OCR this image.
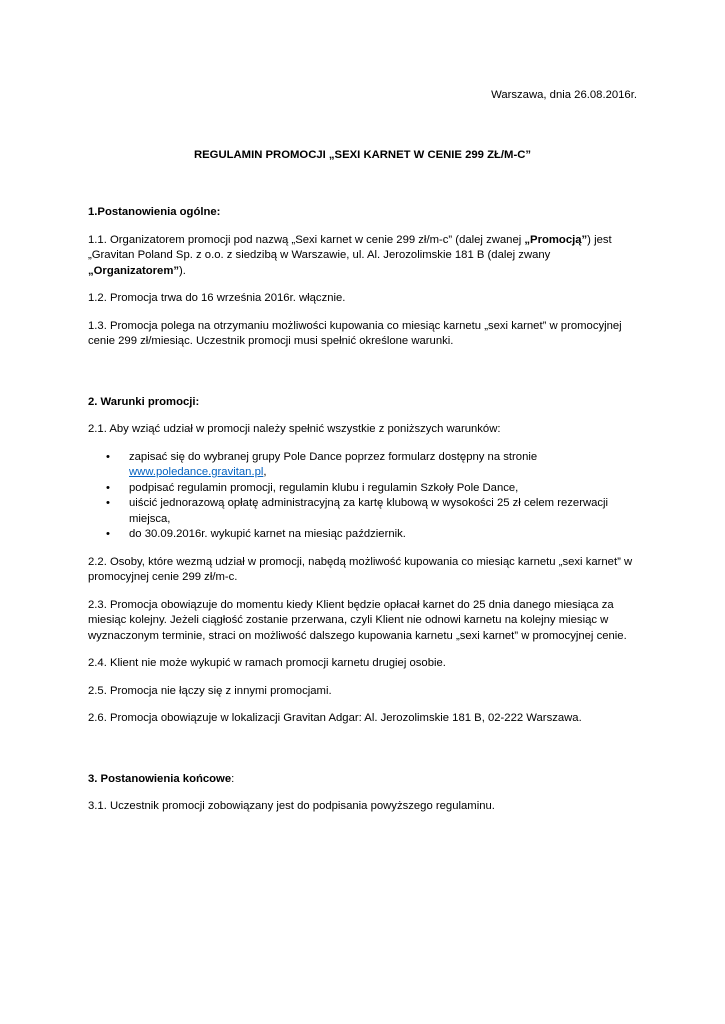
Warszawa, dnia 26.08.2016r.
REGULAMIN PROMOCJI „SEXI KARNET W CENIE 299 ZŁ/M-C”

1.Postanowienia ogólne:

1.1. Organizatorem promocji pod nazwą „Sexi karnet w cenie 299 zł/m-c” (dalej zwanej „Promocją”) jest
„Gravitan Poland Sp. z o.o. z siedzibą w Warszawie, ul. Al. Jerozolimskie 181 B (dalej zwany „Organizatorem”).

1.2. Promocja trwa do 16 września 2016r. włącznie.

1.3. Promocja polega na otrzymaniu możliwości kupowania co miesiąc karnetu „sexi karnet” w promocyjnej
cenie 299 zł/miesiąc. Uczestnik promocji musi spełnić określone warunki.

2. Warunki promocji:

2.1. Aby wziąć udział w promocji należy spełnić wszystkie z poniższych warunków:

• zapisać się do wybranej grupy Pole Dance poprzez formularz dostępny na stronie
www.poledance.gravitan.pl,
• podpisać regulamin promocji, regulamin klubu i regulamin Szkoły Pole Dance,
• uiścić jednorazową opłatę administracyjną za kartę klubową w wysokości 25 zł celem rezerwacji
miejsca,
• do 30.09.2016r. wykupić karnet na miesiąc październik.

2.2. Osoby, które wezmą udział w promocji, nabędą możliwość kupowania co miesiąc karnetu „sexi karnet” w
promocyjnej cenie 299 zł/m-c.

2.3. Promocja obowiązuje do momentu kiedy Klient będzie opłacał karnet do 25 dnia danego miesiąca za
miesiąc kolejny. Jeżeli ciągłość zostanie przerwana, czyli Klient nie odnowi karnetu na kolejny miesiąc w
wyznaczonym terminie, straci on możliwość dalszego kupowania karnetu „sexi karnet” w promocyjnej cenie.

2.4. Klient nie może wykupić w ramach promocji karnetu drugiej osobie.

2.5. Promocja nie łączy się z innymi promocjami.

2.6. Promocja obowiązuje w lokalizacji Gravitan Adgar: Al. Jerozolimskie 181 B, 02-222 Warszawa.

3. Postanowienia końcowe:

3.1. Uczestnik promocji zobowiązany jest do podpisania powyższego regulaminu.
